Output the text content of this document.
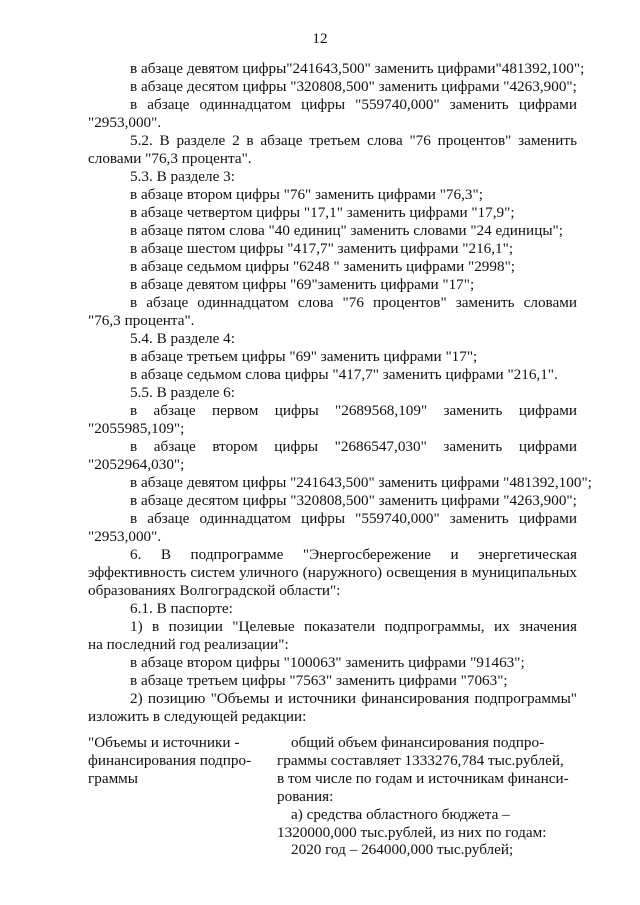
12
в абзаце девятом цифры"241643,500" заменить цифрами"481392,100";
в абзаце десятом цифры "320808,500" заменить цифрами "4263,900";
в абзаце одиннадцатом цифры "559740,000" заменить цифрами
"2953,000".
5.2. В разделе 2 в абзаце третьем слова "76 процентов" заменить
словами "76,3 процента".
5.3. В разделе 3:
в абзаце втором цифры "76" заменить цифрами "76,3";
в абзаце четвертом цифры "17,1" заменить цифрами "17,9";
в абзаце пятом слова "40 единиц" заменить словами "24 единицы";
в абзаце шестом цифры "417,7" заменить цифрами "216,1";
в абзаце седьмом цифры "6248 " заменить цифрами "2998";
в абзаце девятом цифры "69"заменить цифрами "17";
в абзаце одиннадцатом слова "76 процентов" заменить словами
"76,3 процента".
5.4. В разделе 4:
в абзаце третьем цифры "69" заменить цифрами "17";
в абзаце седьмом слова цифры "417,7" заменить цифрами "216,1".
5.5. В разделе 6:
в абзаце первом цифры "2689568,109" заменить цифрами
"2055985,109";
в абзаце втором цифры "2686547,030" заменить цифрами
"2052964,030";
в абзаце девятом цифры "241643,500" заменить цифрами "481392,100";
в абзаце десятом цифры "320808,500" заменить цифрами "4263,900";
в абзаце одиннадцатом цифры "559740,000" заменить цифрами
"2953,000".
6. В подпрограмме "Энергосбережение и энергетическая
эффективность систем уличного (наружного) освещения в муниципальных
образованиях Волгоградской области":
6.1. В паспорте:
1) в позиции "Целевые показатели подпрограммы, их значения
на последний год реализации":
в абзаце втором цифры "100063" заменить цифрами "91463";
в абзаце третьем цифры "7563" заменить цифрами "7063";
2) позицию "Объемы и источники финансирования подпрограммы"
изложить в следующей редакции:
"Объемы и источники -
финансирования подпро-
граммы
общий объем финансирования подпро-
граммы составляет 1333276,784 тыс.рублей,
в том числе по годам и источникам финанси-
рования:
а) средства областного бюджета –
1320000,000 тыс.рублей, из них по годам:
2020 год – 264000,000 тыс.рублей;
